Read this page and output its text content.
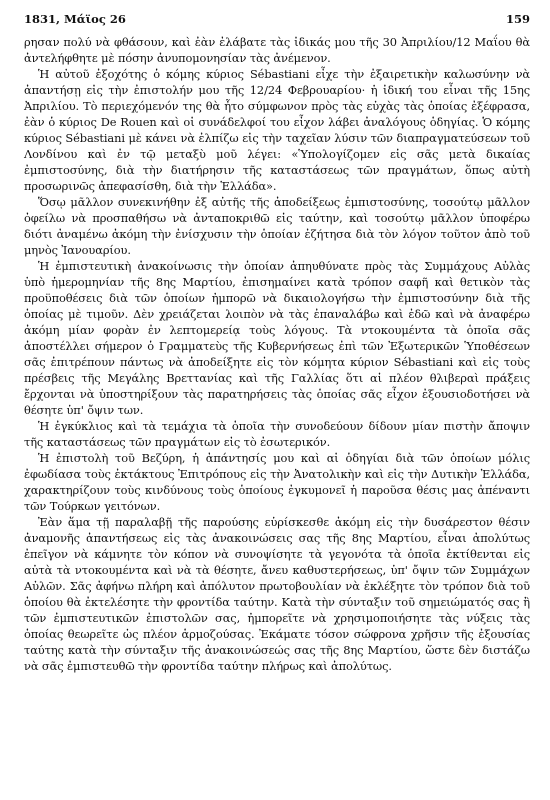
1831, Μάϊος 26	159

ρησαν πολύ νὰ φθάσουν, καὶ ἐὰν ἐλάβατε τὰς ἰδικάς μου τῆς 30 Ἀπριλίου/12 Μαΐου θὰ ἀντελήφθητε μὲ πόσην ἀνυπομονησίαν τὰς ἀνέμενον.

Ἡ αὐτοῦ ἐξοχότης ὁ κόμης κύριος Sébastiani εἶχε τὴν ἐξαιρετικὴν καλωσύνην νὰ ἀπαντήσῃ εἰς τὴν ἐπιστολήν μου τῆς 12/24 Φεβρουαρίου· ἡ ἰδική του εἶναι τῆς 15ης Ἀπριλίου. Τὸ περιεχόμενόν της θὰ ἦτο σύμφωνον πρὸς τὰς εὐχὰς τὰς ὁποίας ἐξέφρασα, ἐὰν ὁ κύριος De Rouen καὶ οἱ συνάδελφοί του εἶχον λάβει ἀναλόγους ὁδηγίας. Ὁ κόμης κύριος Sébastiani μὲ κάνει νὰ ἐλπίζω εἰς τὴν ταχεῖαν λύσιν τῶν διαπραγματεύσεων τοῦ Λονδίνου καὶ ἐν τῷ μεταξὺ μοῦ λέγει: «Ὑπολογίζομεν εἰς σᾶς μετὰ δικαίας ἐμπιστοσύνης, διὰ τὴν διατήρησιν τῆς καταστάσεως τῶν πραγμάτων, ὅπως αὐτὴ προσωρινῶς ἀπεφασίσθη, διὰ τὴν Ἑλλάδα».

Ὅσῳ μᾶλλον συνεκινήθην ἐξ αὐτῆς τῆς ἀποδείξεως ἐμπιστοσύνης, τοσούτῳ μᾶλλον ὀφείλω νὰ προσπαθήσω νὰ ἀνταποκριθῶ εἰς ταύτην, καὶ τοσούτῳ μᾶλλον ὑποφέρω διότι ἀναμένω ἀκόμη τὴν ἐνίσχυσιν τὴν ὁποίαν ἐζήτησα διὰ τὸν λόγον τοῦτον ἀπὸ τοῦ μηνὸς Ἰανουαρίου.

Ἡ ἐμπιστευτικὴ ἀνακοίνωσις τὴν ὁποίαν ἀπηυθύνατε πρὸς τὰς Συμμάχους Αὐλὰς ὑπὸ ἡμερομηνίαν τῆς 8ης Μαρτίου, ἐπισημαίνει κατὰ τρόπον σαφῆ καὶ θετικὸν τὰς προϋποθέσεις διὰ τῶν ὁποίων ἠμπορῶ νὰ δικαιολογήσω τὴν ἐμπιστοσύνην διὰ τῆς ὁποίας μὲ τιμοῦν. Δὲν χρειάζεται λοιπὸν νὰ τὰς ἐπαναλάβω καὶ ἐδῶ καὶ νὰ ἀναφέρω ἀκόμη μίαν φορὰν ἐν λεπτομερείᾳ τοὺς λόγους. Τὰ ντοκουμέντα τὰ ὁποῖα σᾶς ἀποστέλλει σήμερον ὁ Γραμματεὺς τῆς Κυβερνήσεως ἐπὶ τῶν Ἐξωτερικῶν Ὑποθέσεων σᾶς ἐπιτρέπουν πάντως νὰ ἀποδείξητε εἰς τὸν κόμητα κύριον Sébastiani καὶ εἰς τοὺς πρέσβεις τῆς Μεγάλης Βρεττανίας καὶ τῆς Γαλλίας ὅτι αἱ πλέον θλιβεραὶ πράξεις ἔρχονται νὰ ὑποστηρίξουν τὰς παρατηρήσεις τὰς ὁποίας σᾶς εἶχον ἐξουσιοδοτήσει νὰ θέσητε ὑπ' ὄψιν των.

Ἡ ἐγκύκλιος καὶ τὰ τεμάχια τὰ ὁποῖα τὴν συνοδεύουν δίδουν μίαν πιστὴν ἄποψιν τῆς καταστάσεως τῶν πραγμάτων εἰς τὸ ἐσωτερικόν.

Ἡ ἐπιστολὴ τοῦ Βεζύρη, ἡ ἀπάντησίς μου καὶ αἱ ὁδηγίαι διὰ τῶν ὁποίων μόλις ἐφωδίασα τοὺς ἐκτάκτους Ἐπιτρόπους εἰς τὴν Ἀνατολικὴν καὶ εἰς τὴν Δυτικὴν Ἑλλάδα, χαρακτηρίζουν τοὺς κινδύνους τοὺς ὁποίους ἐγκυμονεῖ ἡ παροῦσα θέσις μας ἀπέναντι τῶν Τούρκων γειτόνων.

Ἐὰν ἅμα τῇ παραλαβῇ τῆς παρούσης εὑρίσκεσθε ἀκόμη εἰς τὴν δυσάρεστον θέσιν ἀναμονῆς ἀπαντήσεως εἰς τὰς ἀνακοινώσεις σας τῆς 8ης Μαρτίου, εἶναι ἀπολύτως ἐπεῖγον νὰ κάμνητε τὸν κόπον νὰ συνοψίσητε τὰ γεγονότα τὰ ὁποῖα ἐκτίθενται εἰς αὐτὰ τὰ ντοκουμέντα καὶ νὰ τὰ θέσητε, ἄνευ καθυστερήσεως, ὑπ' ὄψιν τῶν Συμμάχων Αὐλῶν. Σᾶς ἀφήνω πλήρη καὶ ἀπόλυτον πρωτοβουλίαν νὰ ἐκλέξητε τὸν τρόπον διὰ τοῦ ὁποίου θὰ ἐκτελέσητε τὴν φροντίδα ταύτην. Κατὰ τὴν σύνταξιν τοῦ σημειώματός σας ἢ τῶν ἐμπιστευτικῶν ἐπιστολῶν σας, ἠμπορεῖτε νὰ χρησιμοποιήσητε τὰς νύξεις τὰς ὁποίας θεωρεῖτε ὡς πλέον ἁρμοζούσας. Ἐκάματε τόσον σώφρονα χρῆσιν τῆς ἐξουσίας ταύτης κατὰ τὴν σύνταξιν τῆς ἀνακοινώσεώς σας τῆς 8ης Μαρτίου, ὥστε δὲν διστάζω νὰ σᾶς ἐμπιστευθῶ τὴν φροντίδα ταύτην πλήρως καὶ ἀπολύτως.
